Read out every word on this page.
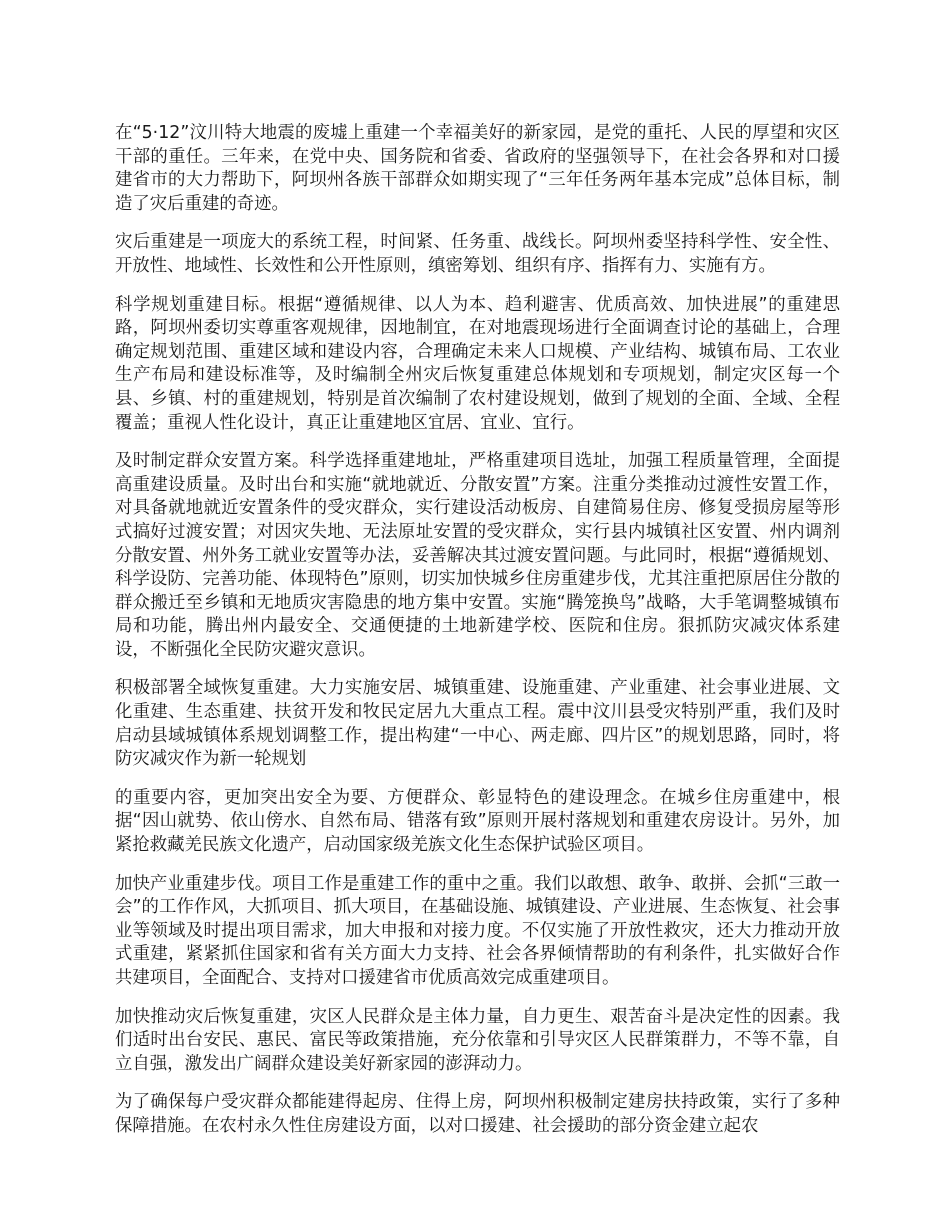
在“5·12”汶川特大地震的废墟上重建一个幸福美好的新家园，是党的重托、人民的厚望和灾区干部的重任。三年来，在党中央、国务院和省委、省政府的坚强领导下，在社会各界和对口援建省市的大力帮助下，阿坝州各族干部群众如期实现了“三年任务两年基本完成”总体目标，制造了灾后重建的奇迹。

灾后重建是一项庞大的系统工程，时间紧、任务重、战线长。阿坝州委坚持科学性、安全性、开放性、地域性、长效性和公开性原则，缜密筹划、组织有序、指挥有力、实施有方。

科学规划重建目标。根据“遵循规律、以人为本、趋利避害、优质高效、加快进展”的重建思路，阿坝州委切实尊重客观规律，因地制宜，在对地震现场进行全面调查讨论的基础上，合理确定规划范围、重建区域和建设内容，合理确定未来人口规模、产业结构、城镇布局、工农业生产布局和建设标准等，及时编制全州灾后恢复重建总体规划和专项规划，制定灾区每一个县、乡镇、村的重建规划，特别是首次编制了农村建设规划，做到了规划的全面、全域、全程覆盖；重视人性化设计，真正让重建地区宜居、宜业、宜行。

及时制定群众安置方案。科学选择重建地址，严格重建项目选址，加强工程质量管理，全面提高重建设质量。及时出台和实施“就地就近、分散安置”方案。注重分类推动过渡性安置工作，对具备就地就近安置条件的受灾群众，实行建设活动板房、自建简易住房、修复受损房屋等形式搞好过渡安置；对因灾失地、无法原址安置的受灾群众，实行县内城镇社区安置、州内调剂分散安置、州外务工就业安置等办法，妥善解决其过渡安置问题。与此同时，根据“遵循规划、科学设防、完善功能、体现特色”原则，切实加快城乡住房重建步伐，尤其注重把原居住分散的群众搬迁至乡镇和无地质灾害隐患的地方集中安置。实施“腾笼换鸟”战略，大手笔调整城镇布局和功能，腾出州内最安全、交通便捷的土地新建学校、医院和住房。狠抓防灾减灾体系建设，不断强化全民防灾避灾意识。

积极部署全域恢复重建。大力实施安居、城镇重建、设施重建、产业重建、社会事业进展、文化重建、生态重建、扶贫开发和牧民定居九大重点工程。震中汶川县受灾特别严重，我们及时启动县域城镇体系规划调整工作，提出构建“一中心、两走廊、四片区”的规划思路，同时，将防灾减灾作为新一轮规划

的重要内容，更加突出安全为要、方便群众、彰显特色的建设理念。在城乡住房重建中，根据“因山就势、依山傍水、自然布局、错落有致”原则开展村落规划和重建农房设计。另外，加紧抢救藏羌民族文化遗产，启动国家级羌族文化生态保护试验区项目。

加快产业重建步伐。项目工作是重建工作的重中之重。我们以敢想、敢争、敢拼、会抓“三敢一会”的工作作风，大抓项目、抓大项目，在基础设施、城镇建设、产业进展、生态恢复、社会事业等领域及时提出项目需求，加大申报和对接力度。不仅实施了开放性救灾，还大力推动开放式重建，紧紧抓住国家和省有关方面大力支持、社会各界倾情帮助的有利条件，扎实做好合作共建项目，全面配合、支持对口援建省市优质高效完成重建项目。

加快推动灾后恢复重建，灾区人民群众是主体力量，自力更生、艰苦奋斗是决定性的因素。我们适时出台安民、惠民、富民等政策措施，充分依靠和引导灾区人民群策群力，不等不靠，自立自强，激发出广阔群众建设美好新家园的澎湃动力。

为了确保每户受灾群众都能建得起房、住得上房，阿坝州积极制定建房扶持政策，实行了多种保障措施。在农村永久性住房建设方面，以对口援建、社会援助的部分资金建立起农
